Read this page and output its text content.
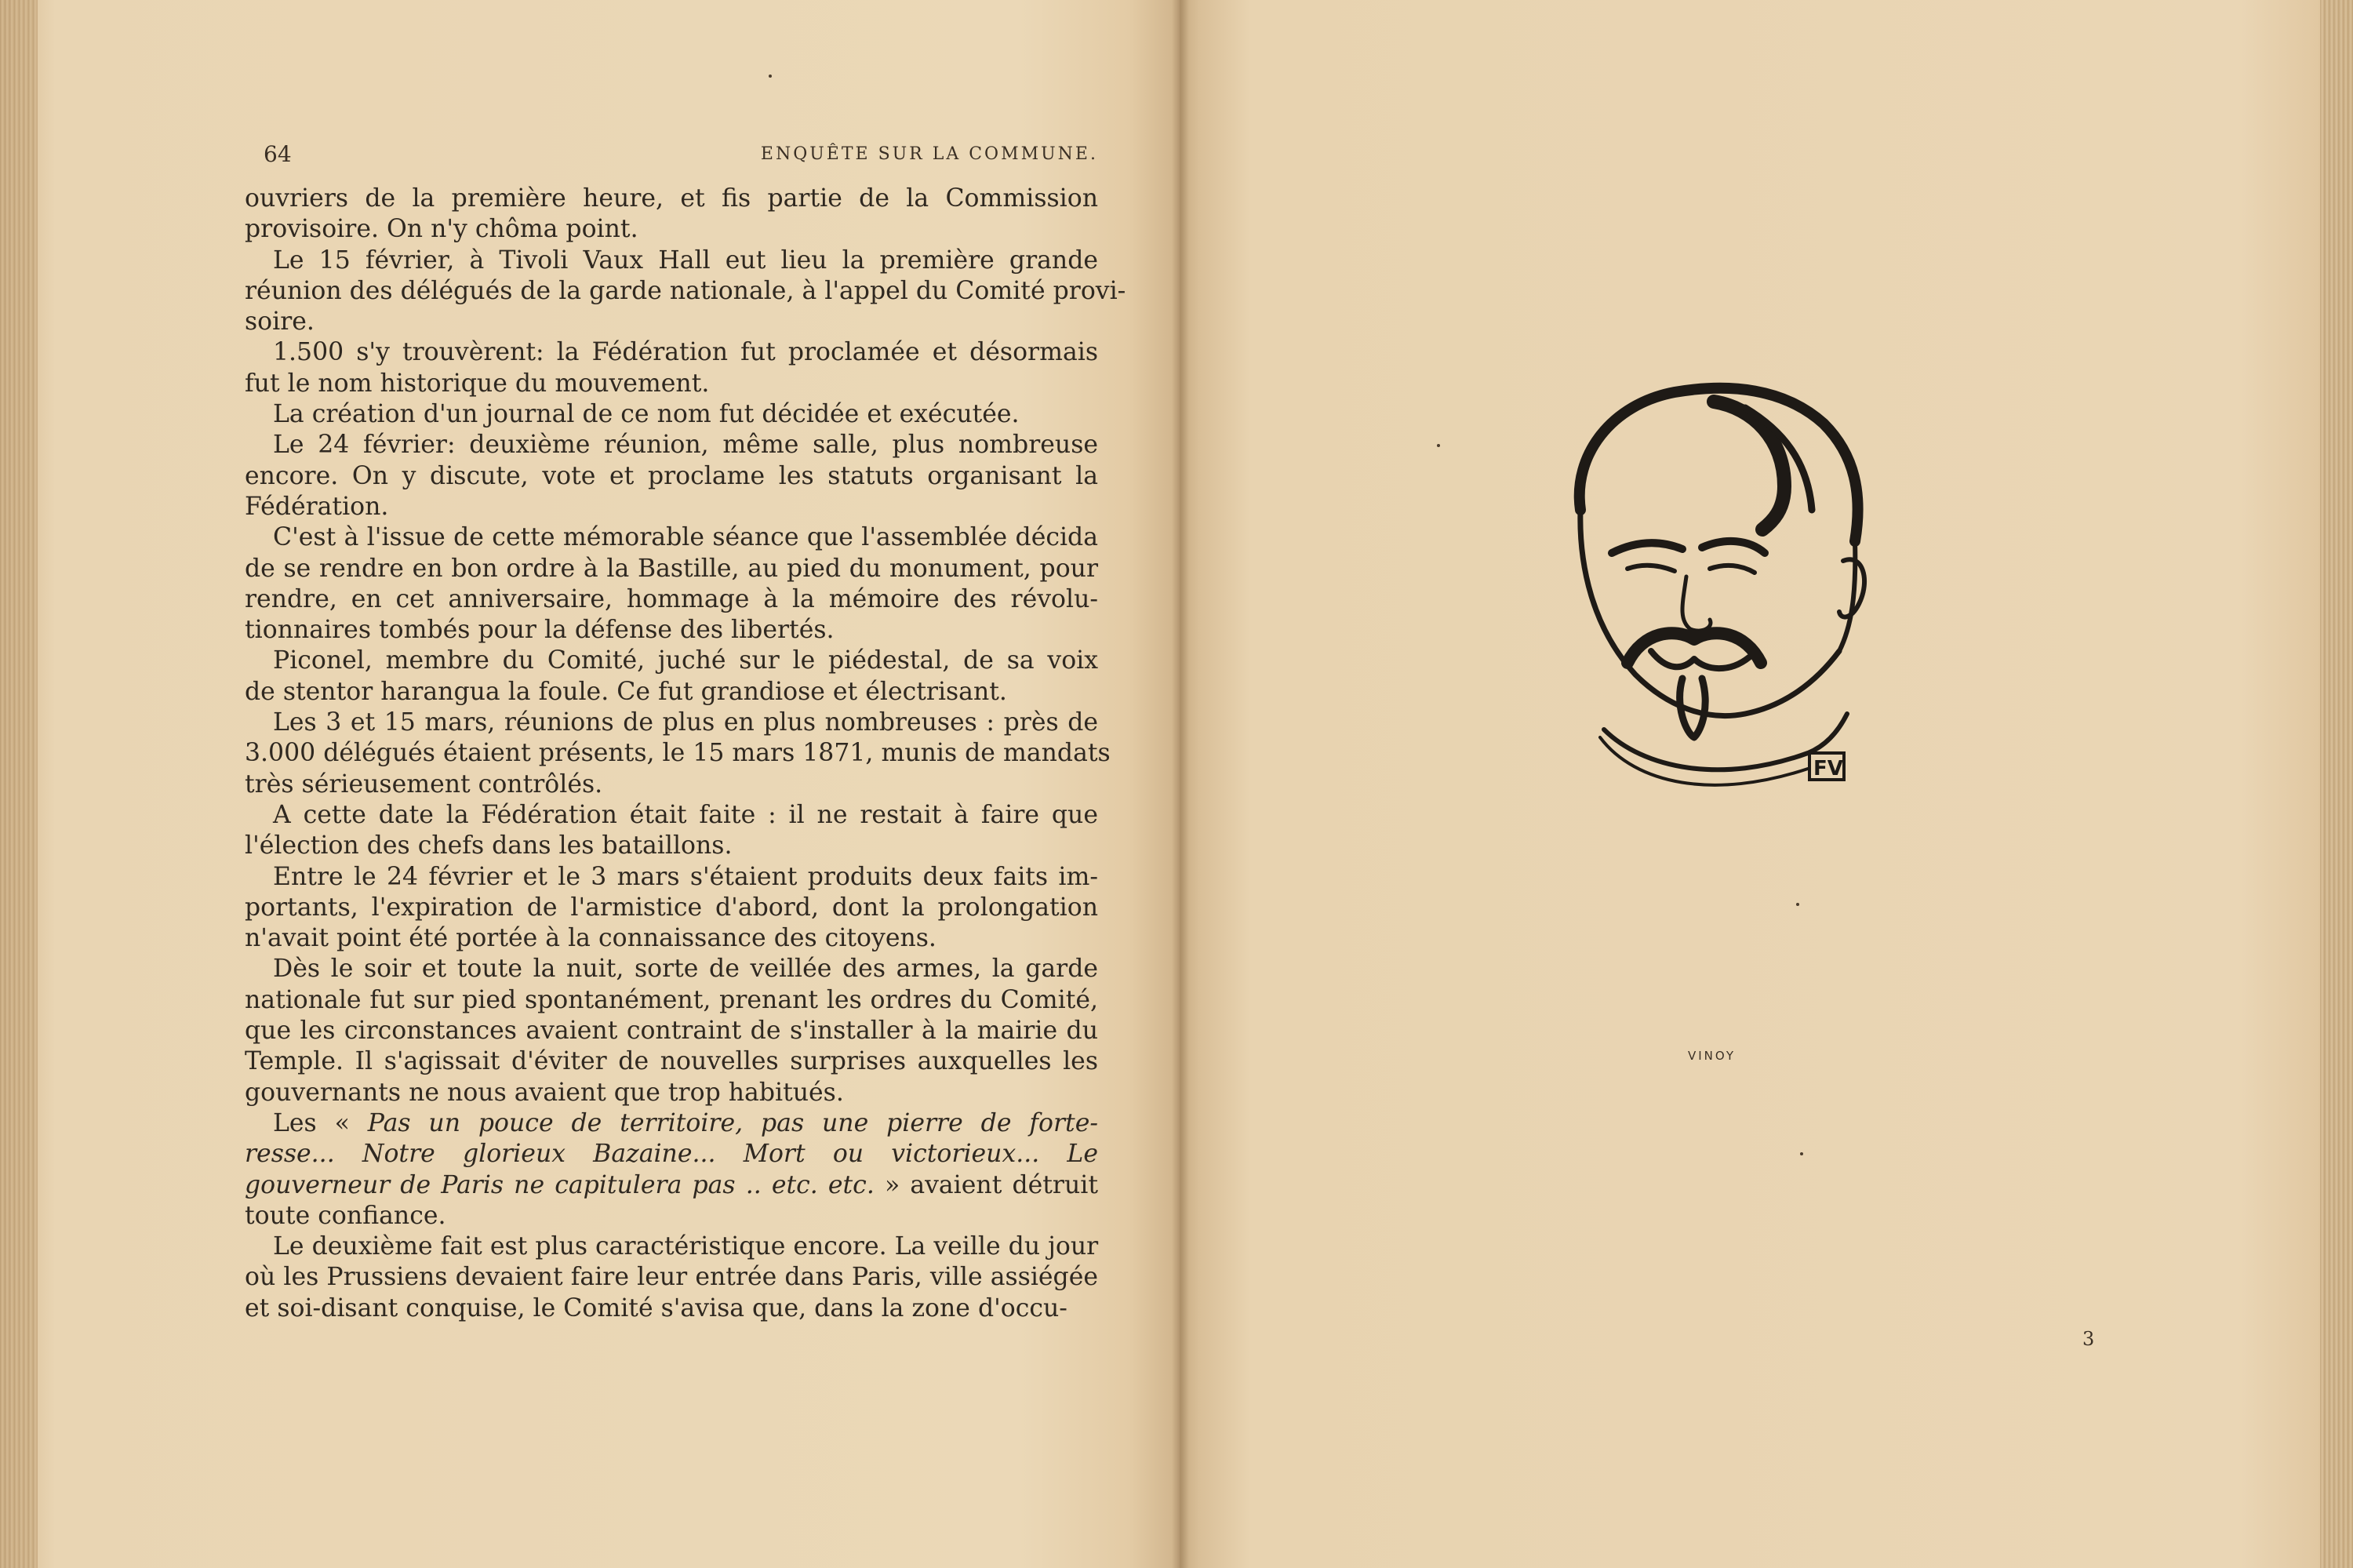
64	ENQUÊTE SUR LA COMMUNE.
ouvriers de la première heure, et fis partie de la Commission
provisoire. On n'y chôma point.
Le 15 février, à Tivoli Vaux Hall eut lieu la première grande
réunion des délégués de la garde nationale, à l'appel du Comité provi-
soire.
1.500 s'y trouvèrent: la Fédération fut proclamée et désormais
fut le nom historique du mouvement.
La création d'un journal de ce nom fut décidée et exécutée.
Le 24 février: deuxième réunion, même salle, plus nombreuse
encore. On y discute, vote et proclame les statuts organisant la
Fédération.
C'est à l'issue de cette mémorable séance que l'assemblée décida
de se rendre en bon ordre à la Bastille, au pied du monument, pour
rendre, en cet anniversaire, hommage à la mémoire des révolu-
tionnaires tombés pour la défense des libertés.
Piconel, membre du Comité, juché sur le piédestal, de sa voix
de stentor harangua la foule. Ce fut grandiose et électrisant.
Les 3 et 15 mars, réunions de plus en plus nombreuses : près de
3.000 délégués étaient présents, le 15 mars 1871, munis de mandats
très sérieusement contrôlés.
A cette date la Fédération était faite : il ne restait à faire que
l'élection des chefs dans les bataillons.
Entre le 24 février et le 3 mars s'étaient produits deux faits im-
portants, l'expiration de l'armistice d'abord, dont la prolongation
n'avait point été portée à la connaissance des citoyens.
Dès le soir et toute la nuit, sorte de veillée des armes, la garde
nationale fut sur pied spontanément, prenant les ordres du Comité,
que les circonstances avaient contraint de s'installer à la mairie du
Temple. Il s'agissait d'éviter de nouvelles surprises auxquelles les
gouvernants ne nous avaient que trop habitués.
Les « Pas un pouce de territoire, pas une pierre de forte-
resse... Notre glorieux Bazaine... Mort ou victorieux... Le
gouverneur de Paris ne capitulera pas .. etc. etc. » avaient détruit
toute confiance.
Le deuxième fait est plus caractéristique encore. La veille du jour
où les Prussiens devaient faire leur entrée dans Paris, ville assiégée
et soi-disant conquise, le Comité s'avisa que, dans la zone d'occu-
FV
VINOY
3
